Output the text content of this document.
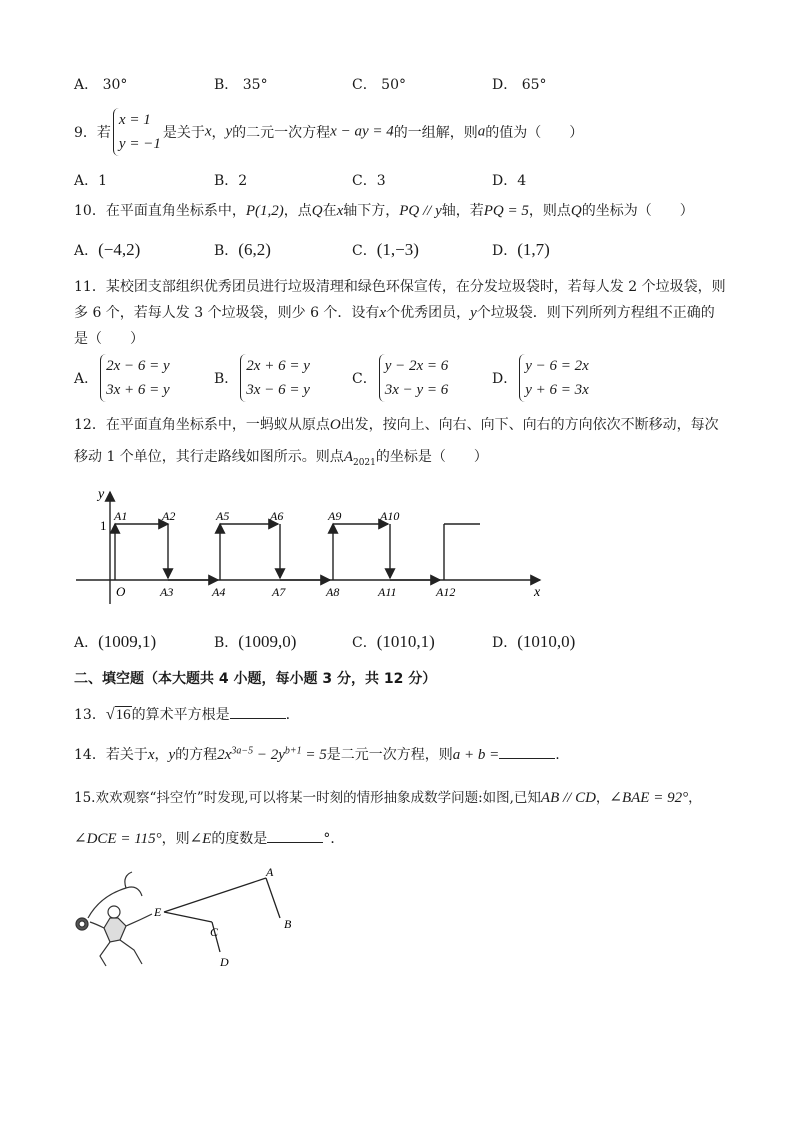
A． 30°	B． 35°	C． 50°	D． 65°
9．若
x = 1
y = −1
是关于x，y的二元一次方程x − ay = 4的一组解，则a的值为（　　）
A．1	B．2	C．3	D．4
10．在平面直角坐标系中，P(1,2)，点Q在x轴下方，PQ // y轴，若PQ = 5，则点Q的坐标为（　　）
A．(−4,2)	B．(6,2)	C．(1,−3)	D．(1,7)
11．某校团支部组织优秀团员进行垃圾清理和绿色环保宣传，在分发垃圾袋时，若每人发 2 个垃圾袋，则
多 6 个，若每人发 3 个垃圾袋，则少 6 个．设有x个优秀团员，y个垃圾袋．则下列所列方程组不正确的
是（　　）
A．
2x − 6 = y
3x + 6 = y
B．
2x + 6 = y
3x − 6 = y
C．
y − 2x = 6
3x − y = 6
D．
y − 6 = 2x
y + 6 = 3x
12．在平面直角坐标系中，一蚂蚁从原点O出发，按向上、向右、向下、向右的方向依次不断移动，每次
移动 1 个单位，其行走路线如图所示。则点$A_{2021}$的坐标是（　　）
y
x
O
1
A1	A2	A5	A6	A9	A10
A3	A4	A7	A8	A11	A12
A．(1009,1)	B．(1009,0)	C．(1010,1)	D．(1010,0)
二、填空题（本大题共 4 小题，每小题 3 分，共 12 分）
13．√16的算术平方根是	.
14．若关于x，y的方程$2x^{3a-5} - 2y^{b+1} = 5$是二元一次方程，则a + b =	.
15.欢欢观察“抖空竹”时发现,可以将某一时刻的情形抽象成数学问题:如图,已知AB // CD，∠BAE = 92°，
∠DCE = 115°，则∠E的度数是	°．
A
B
C
D
E
